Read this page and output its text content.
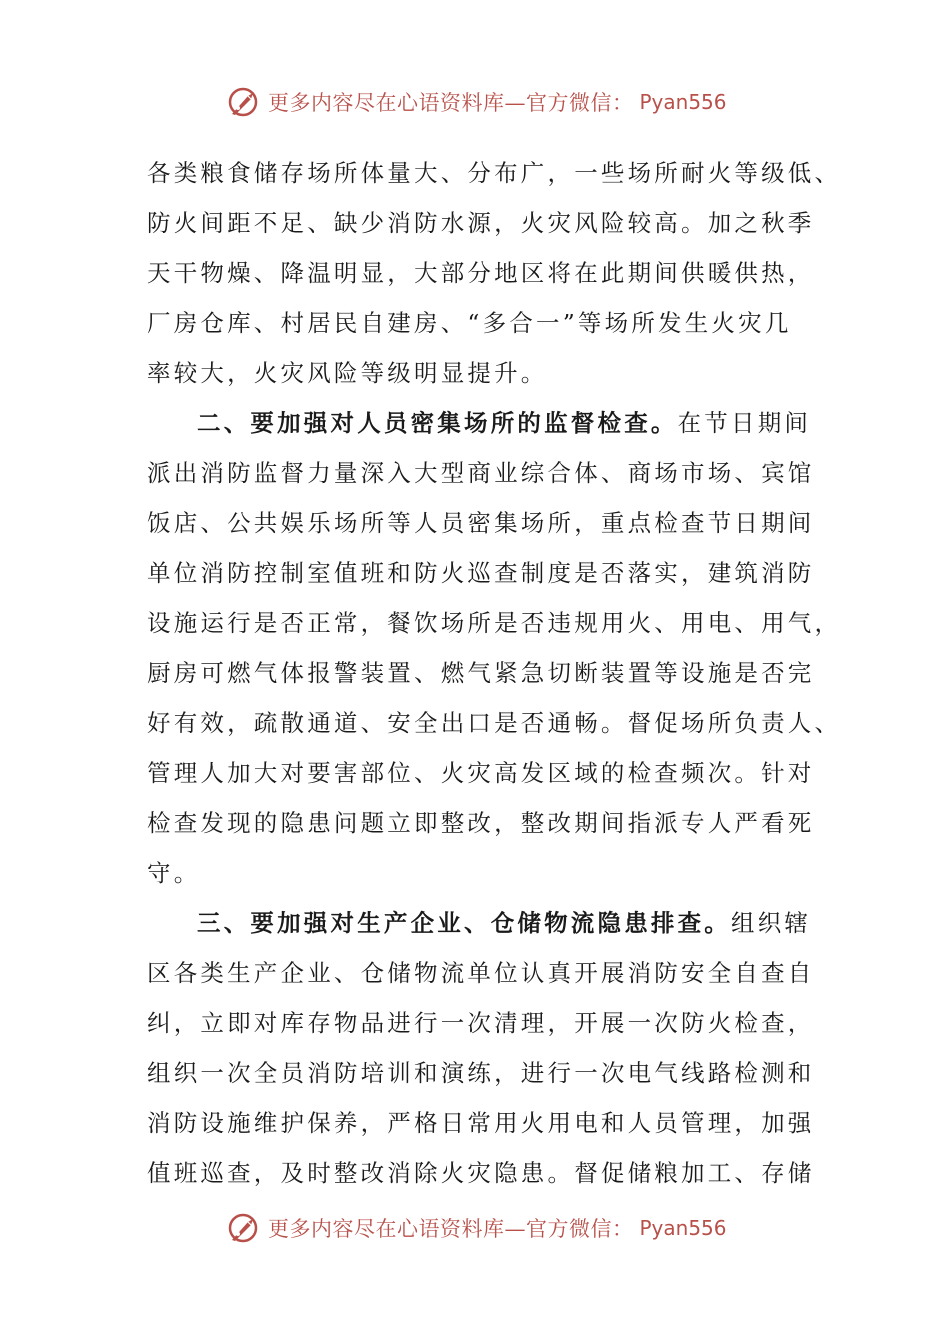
更多内容尽在心语资料库—官方微信： Pyan556
各类粮食储存场所体量大、分布广，一些场所耐火等级低、
防火间距不足、缺少消防水源，火灾风险较高。加之秋季
天干物燥、降温明显，大部分地区将在此期间供暖供热，
厂房仓库、村居民自建房、“多合一”等场所发生火灾几
率较大，火灾风险等级明显提升。
二、要加强对人员密集场所的监督检查。在节日期间
派出消防监督力量深入大型商业综合体、商场市场、宾馆
饭店、公共娱乐场所等人员密集场所，重点检查节日期间
单位消防控制室值班和防火巡查制度是否落实，建筑消防
设施运行是否正常，餐饮场所是否违规用火、用电、用气，
厨房可燃气体报警装置、燃气紧急切断装置等设施是否完
好有效，疏散通道、安全出口是否通畅。督促场所负责人、
管理人加大对要害部位、火灾高发区域的检查频次。针对
检查发现的隐患问题立即整改，整改期间指派专人严看死
守。
三、要加强对生产企业、仓储物流隐患排查。组织辖
区各类生产企业、仓储物流单位认真开展消防安全自查自
纠，立即对库存物品进行一次清理，开展一次防火检查，
组织一次全员消防培训和演练，进行一次电气线路检测和
消防设施维护保养，严格日常用火用电和人员管理，加强
值班巡查，及时整改消除火灾隐患。督促储粮加工、存储
更多内容尽在心语资料库—官方微信： Pyan556
